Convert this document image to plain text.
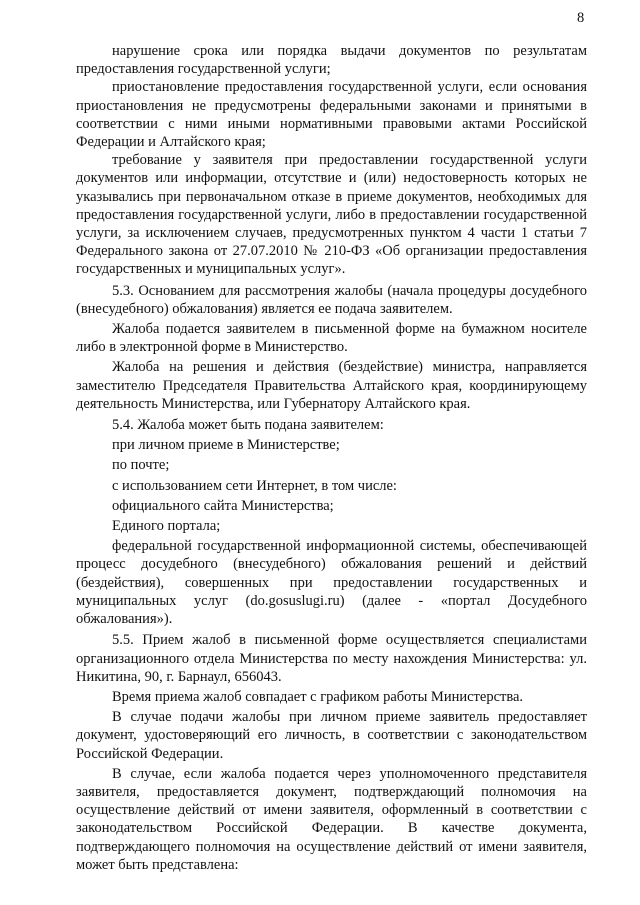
8

нарушение срока или порядка выдачи документов по результатам предоставления государственной услуги;

приостановление предоставления государственной услуги, если основания приостановления не предусмотрены федеральными законами и принятыми в соответствии с ними иными нормативными правовыми актами Российской Федерации и Алтайского края;

требование у заявителя при предоставлении государственной услуги документов или информации, отсутствие и (или) недостоверность которых не указывались при первоначальном отказе в приеме документов, необходимых для предоставления государственной услуги, либо в предоставлении государственной услуги, за исключением случаев, предусмотренных пунктом 4 части 1 статьи 7 Федерального закона от 27.07.2010 № 210-ФЗ «Об организации предоставления государственных и муниципальных услуг».

5.3. Основанием для рассмотрения жалобы (начала процедуры досудебного (внесудебного) обжалования) является ее подача заявителем.

Жалоба подается заявителем в письменной форме на бумажном носителе либо в электронной форме в Министерство.

Жалоба на решения и действия (бездействие) министра, направляется заместителю Председателя Правительства Алтайского края, координирующему деятельность Министерства, или Губернатору Алтайского края.

5.4. Жалоба может быть подана заявителем:

при личном приеме в Министерстве;

по почте;

с использованием сети Интернет, в том числе:

официального сайта Министерства;

Единого портала;

федеральной государственной информационной системы, обеспечивающей процесс досудебного (внесудебного) обжалования решений и действий (бездействия), совершенных при предоставлении государственных и муниципальных услуг (do.gosuslugi.ru) (далее - «портал Досудебного обжалования»).

5.5. Прием жалоб в письменной форме осуществляется специалистами организационного отдела Министерства по месту нахождения Министерства: ул. Никитина, 90, г. Барнаул, 656043.

Время приема жалоб совпадает с графиком работы Министерства.

В случае подачи жалобы при личном приеме заявитель предоставляет документ, удостоверяющий его личность, в соответствии с законодательством Российской Федерации.

В случае, если жалоба подается через уполномоченного представителя заявителя, предоставляется документ, подтверждающий полномочия на осуществление действий от имени заявителя, оформленный в соответствии с законодательством Российской Федерации. В качестве документа, подтверждающего полномочия на осуществление действий от имени заявителя, может быть представлена:
